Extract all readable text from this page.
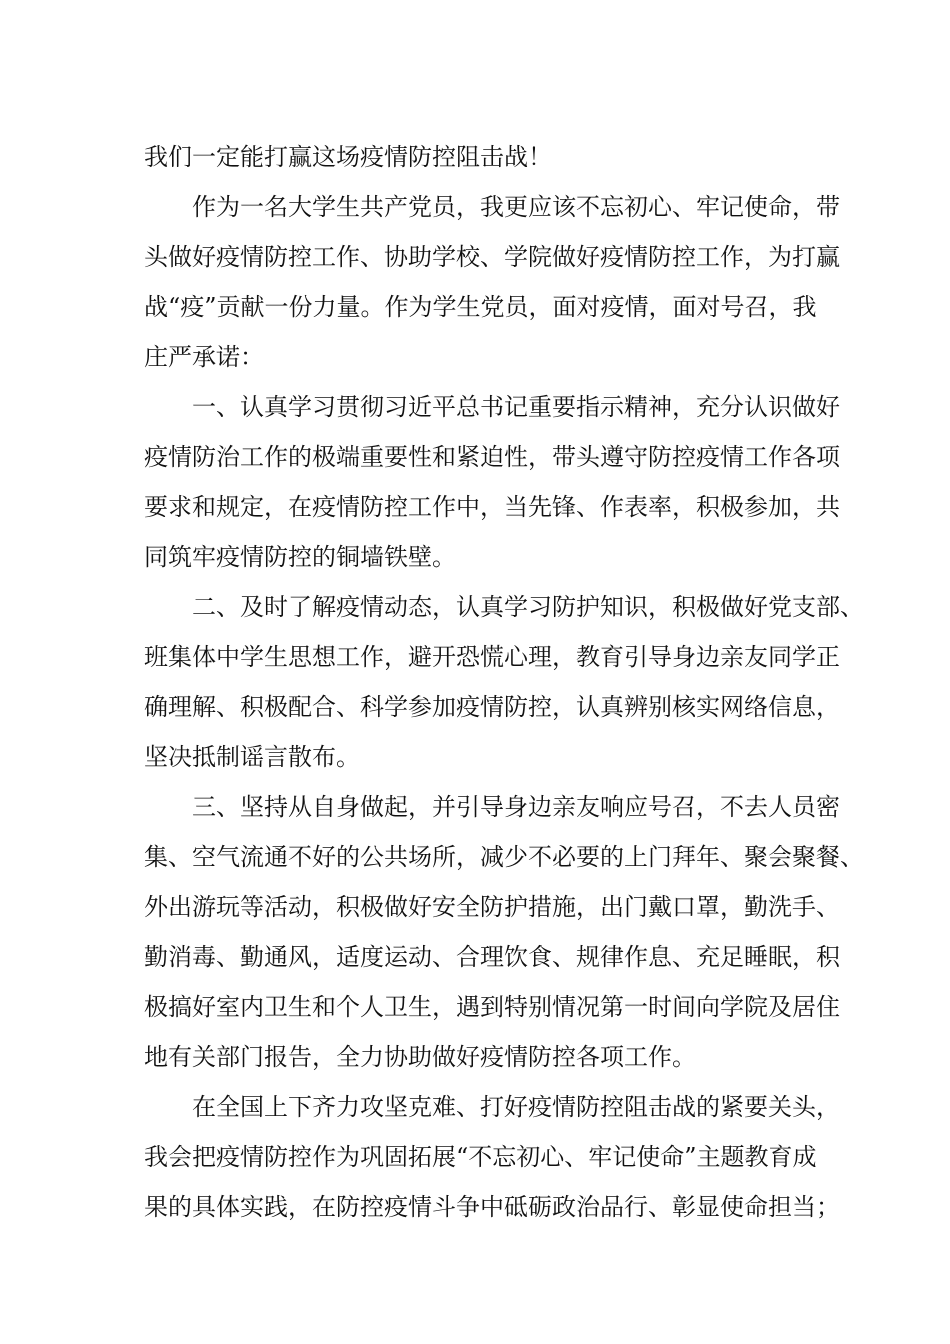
我们一定能打赢这场疫情防控阻击战！
作为一名大学生共产党员，我更应该不忘初心、牢记使命，带
头做好疫情防控工作、协助学校、学院做好疫情防控工作，为打赢
战“疫”贡献一份力量。作为学生党员，面对疫情，面对号召，我
庄严承诺：
一、认真学习贯彻习近平总书记重要指示精神，充分认识做好
疫情防治工作的极端重要性和紧迫性，带头遵守防控疫情工作各项
要求和规定，在疫情防控工作中，当先锋、作表率，积极参加，共
同筑牢疫情防控的铜墙铁壁。
二、及时了解疫情动态，认真学习防护知识，积极做好党支部、
班集体中学生思想工作，避开恐慌心理，教育引导身边亲友同学正
确理解、积极配合、科学参加疫情防控，认真辨别核实网络信息，
坚决抵制谣言散布。
三、坚持从自身做起，并引导身边亲友响应号召，不去人员密
集、空气流通不好的公共场所，减少不必要的上门拜年、聚会聚餐、
外出游玩等活动，积极做好安全防护措施，出门戴口罩，勤洗手、
勤消毒、勤通风，适度运动、合理饮食、规律作息、充足睡眠，积
极搞好室内卫生和个人卫生，遇到特别情况第一时间向学院及居住
地有关部门报告，全力协助做好疫情防控各项工作。
在全国上下齐力攻坚克难、打好疫情防控阻击战的紧要关头，
我会把疫情防控作为巩固拓展“不忘初心、牢记使命”主题教育成
果的具体实践，在防控疫情斗争中砥砺政治品行、彰显使命担当；
